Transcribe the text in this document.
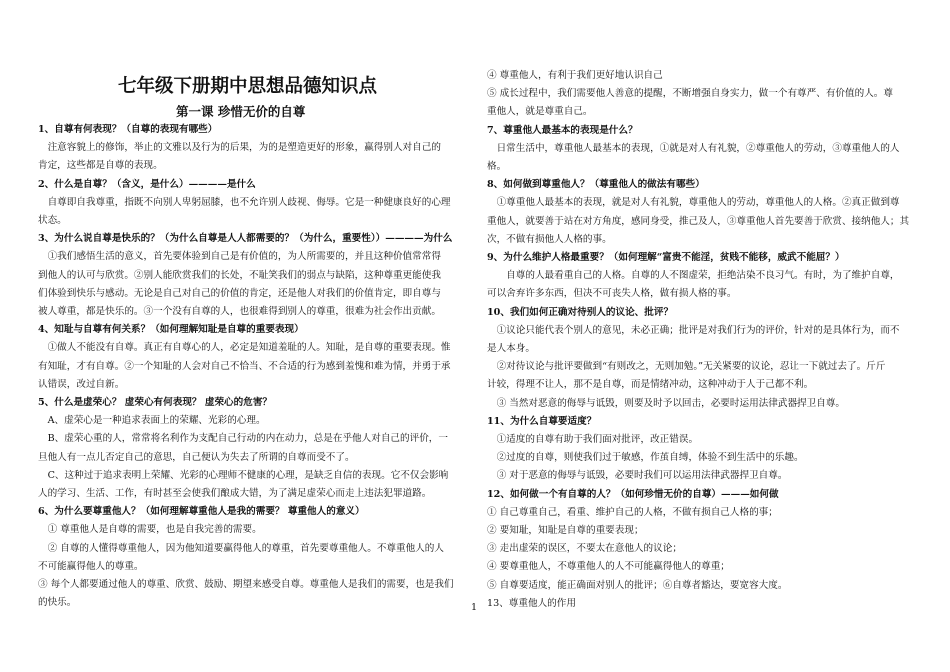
七年级下册期中思想品德知识点
第一课 珍惜无价的自尊
1、自尊有何表现？（自尊的表现有哪些）
　注意容貌上的修饰，举止的文雅以及行为的后果，为的是塑造更好的形象，赢得别人对自己的
肯定，这些都是自尊的表现。
2、什么是自尊？（含义，是什么）————是什么
　自尊即自我尊重，指既不向别人卑躬屈膝，也不允许别人歧视、侮辱。它是一种健康良好的心理
状态。
3、为什么说自尊是快乐的？（为什么自尊是人人都需要的？（为什么，重要性））————为什么
　①我们感悟生活的意义，首先要体验到自己是有价值的，为人所需要的，并且这种价值常常得
到他人的认可与欣赏。②别人能欣赏我们的长处，不耻笑我们的弱点与缺陷，这种尊重更能使我
们体验到快乐与感动。无论是自己对自己的价值的肯定，还是他人对我们的价值肯定，即自尊与
被人尊重，都是快乐的。③一个没有自尊的人，也很难得到别人的尊重，很难为社会作出贡献。
4、知耻与自尊有何关系？（如何理解知耻是自尊的重要表现）
　①做人不能没有自尊。真正有自尊心的人，必定是知道羞耻的人。知耻，是自尊的重要表现。惟
有知耻，才有自尊。②一个知耻的人会对自己不恰当、不合适的行为感到羞愧和难为情，并勇于承
认错误，改过自新。
5、什么是虚荣心？ 虚荣心有何表现？ 虚荣心的危害？
　A、虚荣心是一种追求表面上的荣耀、光彩的心理。
　B、虚荣心重的人，常常将名利作为支配自己行动的内在动力，总是在乎他人对自己的评价，一
旦他人有一点儿否定自己的意思，自己便认为失去了所谓的自尊而受不了。
　C、这种过于追求表明上荣耀、光彩的心理师不健康的心理，是缺乏自信的表现。它不仅会影响
人的学习、生活、工作，有时甚至会使我们酿成大错，为了满足虚荣心而走上违法犯罪道路。
6、为什么要尊重他人？（如何理解尊重他人是我的需要？ 尊重他人的意义）
　① 尊重他人是自尊的需要，也是自我完善的需要。
　② 自尊的人懂得尊重他人，因为他知道要赢得他人的尊重，首先要尊重他人。不尊重他人的人
不可能赢得他人的尊重。
③ 每个人都要通过他人的尊重、欣赏、鼓励、期望来感受自尊。尊重他人是我们的需要，也是我们
的快乐。
④ 尊重他人，有利于我们更好地认识自己
⑤ 成长过程中，我们需要他人善意的提醒，不断增强自身实力，做一个有尊严、有价值的人。尊
重他人，就是尊重自己。
7、尊重他人最基本的表现是什么？
　日常生活中，尊重他人最基本的表现，①就是对人有礼貌，②尊重他人的劳动，③尊重他人的人
格。
8、如何做到尊重他人？（尊重他人的做法有哪些）
　①尊重他人最基本的表现，就是对人有礼貌，尊重他人的劳动，尊重他人的人格。②真正做到尊
重他人，就要善于站在对方角度，感同身受，推己及人，③尊重他人首先要善于欣赏、接纳他人；其
次，不做有损他人人格的事。
9、为什么维护人格最重要？（如何理解“富贵不能淫，贫贱不能移，威武不能屈？）
　　自尊的人最看重自己的人格。自尊的人不图虚荣，拒绝沾染不良习气。有时，为了维护自尊，
可以舍弃许多东西，但决不可丧失人格，做有损人格的事。
10、我们如何正确对待别人的议论、批评？
　①议论只能代表个别人的意见，未必正确；批评是对我们行为的评价，针对的是具体行为，而不
是人本身。
　②对待议论与批评要做到“有则改之，无则加勉。”无关紧要的议论，忍让一下就过去了。斤斤
计较，得理不让人，那不是自尊，而是情绪冲动，这种冲动于人于己都不利。
　③ 当然对恶意的侮辱与诋毁，则要及时予以回击，必要时运用法律武器捍卫自尊。
11、为什么自尊要适度？
　①适度的自尊有助于我们面对批评，改正错误。
　②过度的自尊，则使我们过于敏感，作茧自缚，体验不到生活中的乐趣。
　③ 对于恶意的侮辱与诋毁，必要时我们可以运用法律武器捍卫自尊。
12、如何做一个有自尊的人？（如何珍惜无价的自尊）———如何做
① 自己尊重自己，看重、维护自己的人格，不做有损自己人格的事；
② 要知耻，知耻是自尊的重要表现；
③ 走出虚荣的误区，不要太在意他人的议论；
④ 要尊重他人，不尊重他人的人不可能赢得他人的尊重；
⑤ 自尊要适度，能正确面对别人的批评；⑥自尊者豁达，要宽容大度。
13、尊重他人的作用
1
